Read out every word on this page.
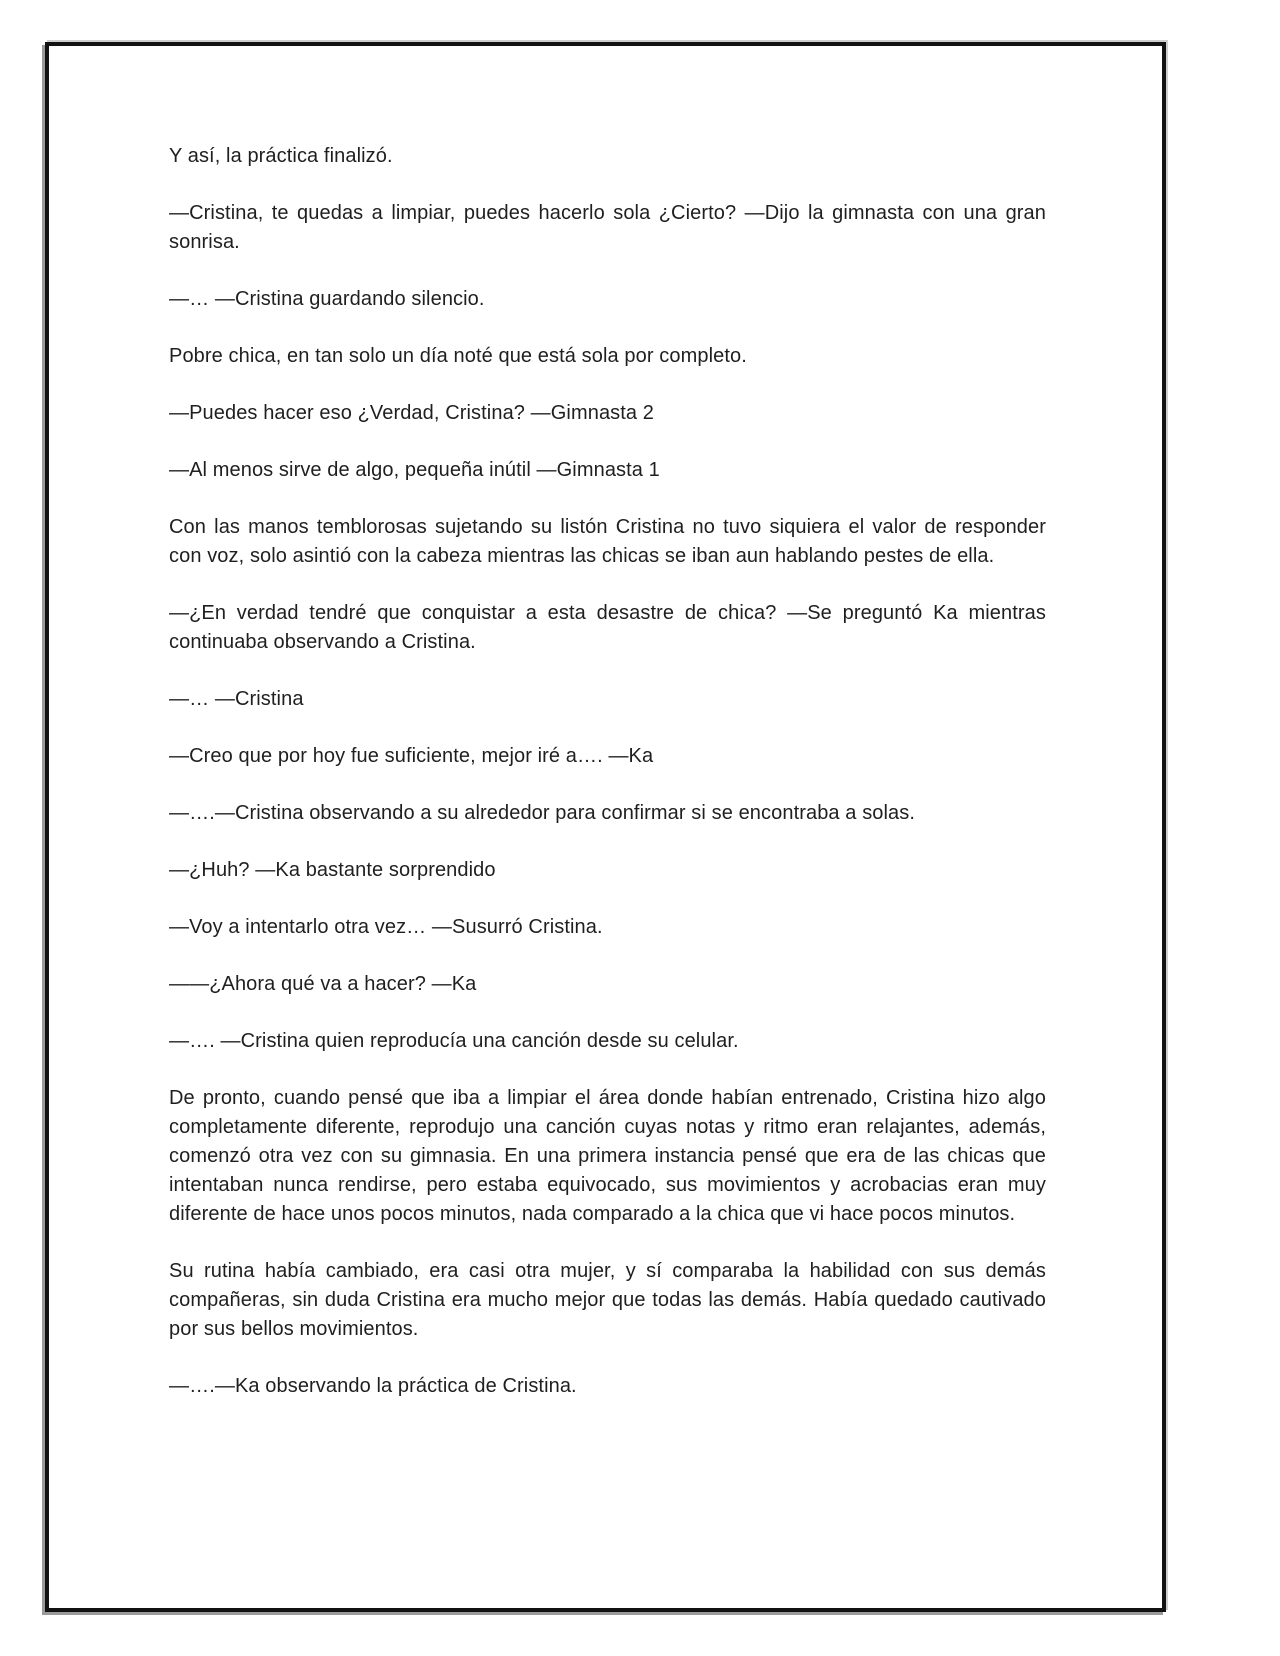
Y así, la práctica finalizó.

—Cristina, te quedas a limpiar, puedes hacerlo sola ¿Cierto? —Dijo la gimnasta con una gran sonrisa.

—… —Cristina guardando silencio.

Pobre chica, en tan solo un día noté que está sola por completo.

—Puedes hacer eso ¿Verdad, Cristina? —Gimnasta 2

—Al menos sirve de algo, pequeña inútil —Gimnasta 1

Con las manos temblorosas sujetando su listón Cristina no tuvo siquiera el valor de responder con voz, solo asintió con la cabeza mientras las chicas se iban aun hablando pestes de ella.

—¿En verdad tendré que conquistar a esta desastre de chica? —Se preguntó Ka mientras continuaba observando a Cristina.

—… —Cristina

—Creo que por hoy fue suficiente, mejor iré a…. —Ka

—….—Cristina observando a su alrededor para confirmar si se encontraba a solas.

—¿Huh? —Ka bastante sorprendido

—Voy a intentarlo otra vez… —Susurró Cristina.

——¿Ahora qué va a hacer? —Ka

—…. —Cristina quien reproducía una canción desde su celular.

De pronto, cuando pensé que iba a limpiar el área donde habían entrenado, Cristina hizo algo completamente diferente, reprodujo una canción cuyas notas y ritmo eran relajantes, además, comenzó otra vez con su gimnasia. En una primera instancia pensé que era de las chicas que intentaban nunca rendirse, pero estaba equivocado, sus movimientos y acrobacias eran muy diferente de hace unos pocos minutos, nada comparado a la chica que vi hace pocos minutos.

Su rutina había cambiado, era casi otra mujer, y sí comparaba la habilidad con sus demás compañeras, sin duda Cristina era mucho mejor que todas las demás. Había quedado cautivado por sus bellos movimientos.

—….—Ka observando la práctica de Cristina.
